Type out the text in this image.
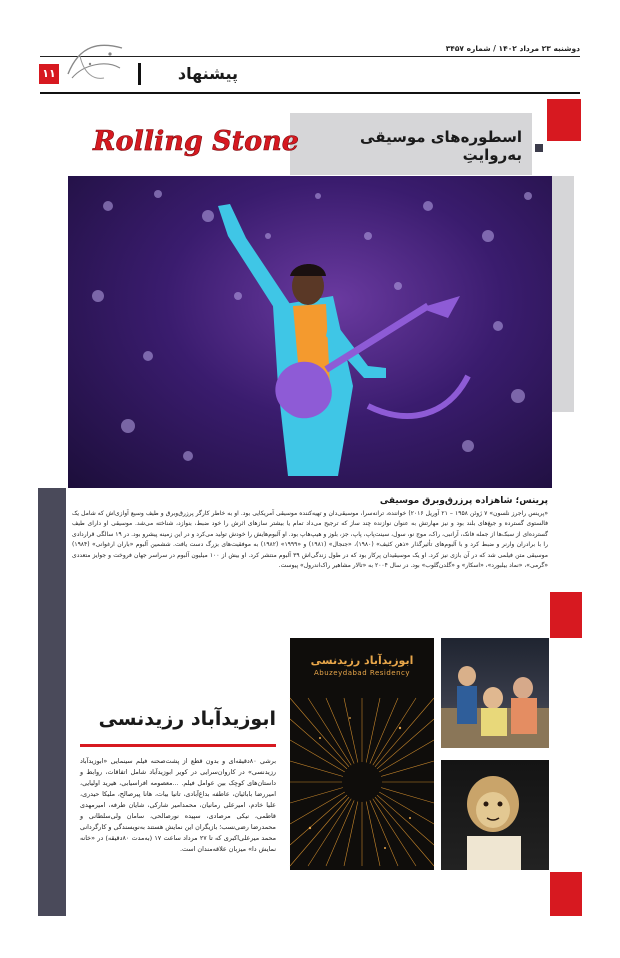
دوشنبه ۲۳ مرداد ۱۴۰۲ / شماره ۳۴۵۷
۱۱	پیشنهاد
Rolling Stone	اسطوره‌های موسیقی به‌روایتِ
پرینس؛ شاهزاده پرزرق‌وبرق موسیقی
«پرینس راجرز نلسون» ۷ ژوئن ۱۹۵۸ – ۲۱ آوریل ۲۰۱۶) خواننده، ترانه‌سرا، موسیقی‌دان و تهیه‌کننده موسیقی آمریکایی بود. او به خاطر کارگر پرزرق‌وبرق و طیف وسیع آوازی‌اش که شامل یک فالستوی گسترده و جیغ‌های بلند بود و نیز مهارتش به عنوان نوازنده چند ساز که ترجیح می‌داد تمام یا بیشتر سازهای اثرش را خود ضبط، بنوازد، شناخته می‌شد. موسیقی او دارای طیف گسترده‌ای از سبک‌ها از جمله فانک، آرانبی، راک، موج نو، سول، سینت‌پاپ، پاپ، جز، بلوز و هیپ‌هاپ بود. او آلبوم‌هایش را خودش تولید می‌کرد و در این زمینه پیشرو بود. در ۱۹ سالگی قراردادی را با برادران وارنر و ضبط کرد و با آلبوم‌های تأثیرگذار «ذهن کثیف» (۱۹۸۰)، «جنجال» (۱۹۸۱) و «۱۹۹۹» (۱۹۸۲) به موفقیت‌های بزرگ دست یافت. ششمین آلبوم «باران ارغوانی» (۱۹۸۴) موسیقی متن فیلمی شد که در آن بازی نیز کرد. او یک موسیقیدان پرکار بود که در طول زندگی‌اش ۳۹ آلبوم منتشر کرد. او بیش از ۱۰۰ میلیون آلبوم در سراسر جهان فروخت و جوایز متعددی «گرمی»، «نماد بیلبورد»، «اسکار» و «گلدن‌گلوب» بود. در سال ۲۰۰۴ به «تالار مشاهیر راک‌اندرول» پیوست.
ابوزیدآباد رزیدنسی
Abuzeydabad Residency
ابوزیدآباد رزیدنسی
برشی ۸۰دقیقه‌ای و بدون قطع از پشت‌صحنه فیلم سینمایی «ابوزیدآباد رزیدنسی» در کاروان‌سرایی در کویر ابوزیدآباد شامل اتفاقات، روابط و داستان‌های کوچک بین عوامل فیلم. ...معصومه افراسیابی، هیرید اولیایی، امیررضا بابائیان، عاطفه بداغ‌آبادی، تانیا بیات، هانا پیرصالح، ملیکا حیدری، علیا خادم، امیرعلی رمانیان، محمدامیر شارکی، شایان طرفه، امیرمهدی قاطمی، نیکی مرصادی، سپیده نورصالحی، سامان ولی‌سلطانی و محمدرضا رضی‌نسب؛ بازیگران این نمایش هستند به‌نویسندگی و کارگردانی محمد میرعلی‌اکبری که تا ۲۷ مرداد ساعت ۱۷ (به‌مدت ۸۰دقیقه) در «خانه نمایش دا» میزبان علاقه‌مندان است.
